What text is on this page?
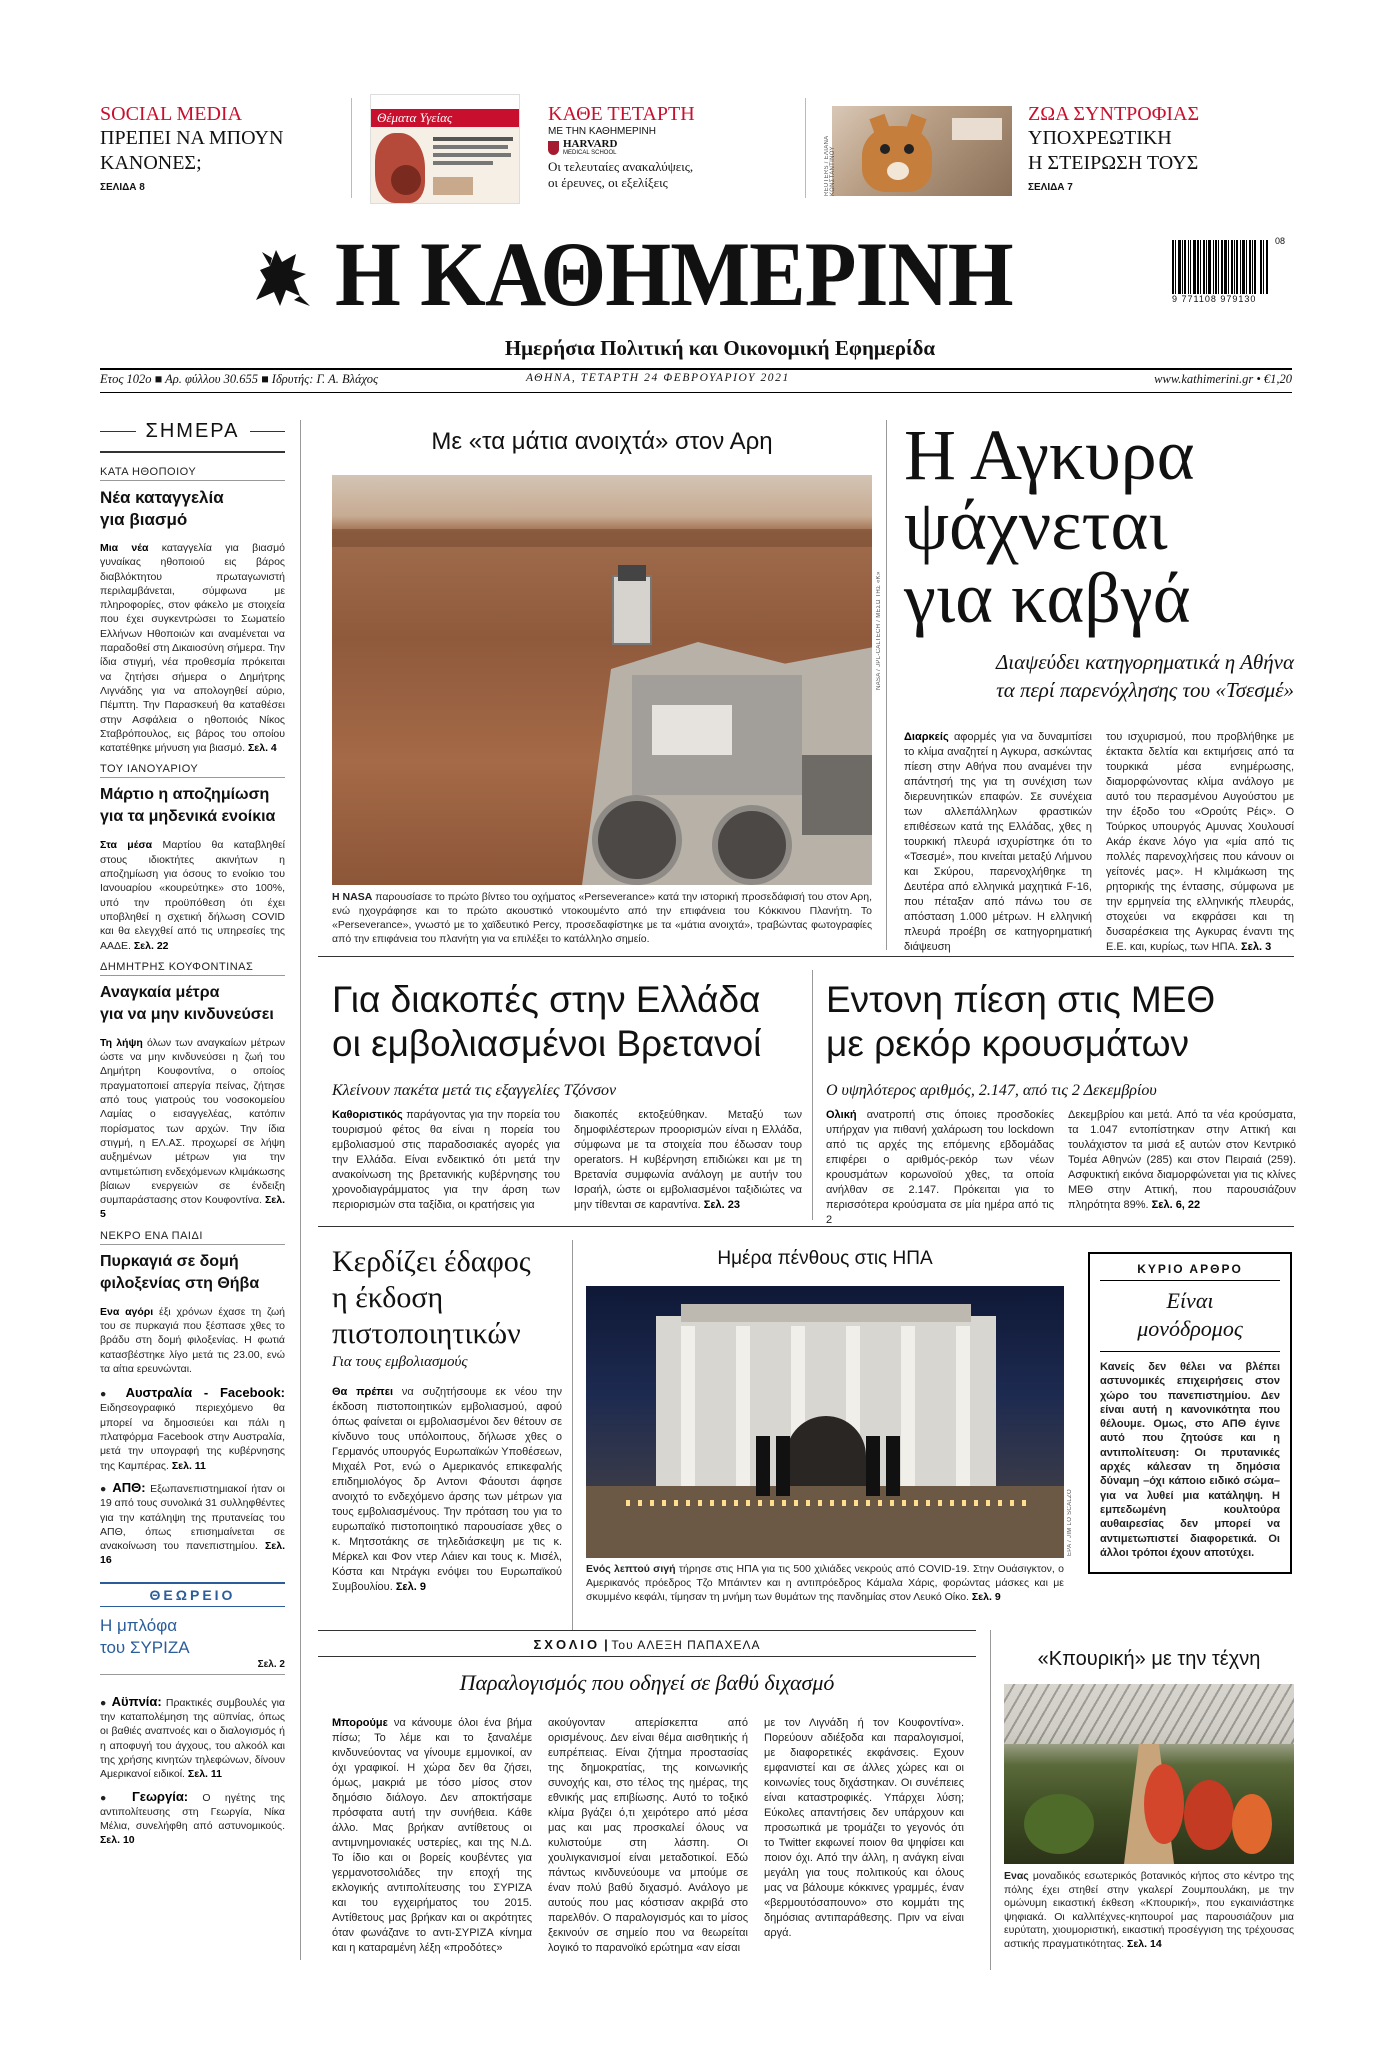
SOCIAL MEDIA
ΠΡΕΠΕΙ ΝΑ ΜΠΟΥΝ
ΚΑΝΟΝΕΣ;
ΣΕΛΙΔΑ 8
Θέματα Υγείας	ΚΑΘΕ ΤΕΤΑΡΤΗ
ΜΕ ΤΗΝ ΚΑΘΗΜΕΡΙΝΗ
HARVARD
MEDICAL SCHOOL
Οι τελευταίες ανακαλύψεις,
οι έρευνες, οι εξελίξεις	REUTERS / ΕΛΙΑΝΑ ΚΩΝΣΤΑΝΤΙΝΟΥ
ΖΩΑ ΣΥΝΤΡΟΦΙΑΣ
ΥΠΟΧΡΕΩΤΙΚΗ
Η ΣΤΕΙΡΩΣΗ ΤΟΥΣ
ΣΕΛΙΔΑ 7
Η ΚΑΘΗΜΕΡΙΝΗ
Ημερήσια Πολιτική και Οικονομική Εφημερίδα
9 771108 979130
08
Ετος 102ο ■ Αρ. φύλλου 30.655 ■ Ιδρυτής: Γ. Α. Βλάχος	ΑΘΗΝΑ, ΤΕΤΑΡΤΗ 24 ΦΕΒΡΟΥΑΡΙΟΥ 2021	www.kathimerini.gr • €1,20
ΣΗΜΕΡΑ
ΚΑΤΑ ΗΘΟΠΟΙΟΥ
Νέα καταγγελία
για βιασμό
Μια νέα καταγγελία για βιασμό γυναίκας ηθοποιού εις βάρος διαβλόκτητου πρωταγωνιστή περιλαμβάνεται, σύμφωνα με πληροφορίες, στον φάκελο με στοιχεία που έχει συγκεντρώσει το Σωματείο Ελλήνων Ηθοποιών και αναμένεται να παραδοθεί στη Δικαιοσύνη σήμερα. Την ίδια στιγμή, νέα προθεσμία πρόκειται να ζητήσει σήμερα ο Δημήτρης Λιγνάδης για να απολογηθεί αύριο, Πέμπτη. Την Παρασκευή θα καταθέσει στην Ασφάλεια ο ηθοποιός Νίκος Σταβρόπουλος, εις βάρος του οποίου κατατέθηκε μήνυση για βιασμό. Σελ. 4
ΤΟΥ ΙΑΝΟΥΑΡΙΟΥ
Μάρτιο η αποζημίωση
για τα μηδενικά ενοίκια
Στα μέσα Μαρτίου θα καταβληθεί στους ιδιοκτήτες ακινήτων η αποζημίωση για όσους το ενοίκιο του Ιανουαρίου «κουρεύτηκε» στο 100%, υπό την προϋπόθεση ότι έχει υποβληθεί η σχετική δήλωση COVID και θα ελεγχθεί από τις υπηρεσίες της ΑΑΔΕ. Σελ. 22
ΔΗΜΗΤΡΗΣ ΚΟΥΦΟΝΤΙΝΑΣ
Αναγκαία μέτρα
για να μην κινδυνεύσει
Τη λήψη όλων των αναγκαίων μέτρων ώστε να μην κινδυνεύσει η ζωή του Δημήτρη Κουφοντίνα, ο οποίος πραγματοποιεί απεργία πείνας, ζήτησε από τους γιατρούς του νοσοκομείου Λαμίας ο εισαγγελέας, κατόπιν πορίσματος των αρχών. Την ίδια στιγμή, η ΕΛ.ΑΣ. προχωρεί σε λήψη αυξημένων μέτρων για την αντιμετώπιση ενδεχόμενων κλιμάκωσης βίαιων ενεργειών σε ένδειξη συμπαράστασης στον Κουφοντίνα. Σελ. 5
ΝΕΚΡΟ ΕΝΑ ΠΑΙΔΙ
Πυρκαγιά σε δομή
φιλοξενίας στη Θήβα
Ενα αγόρι έξι χρόνων έχασε τη ζωή του σε πυρκαγιά που ξέσπασε χθες το βράδυ στη δομή φιλοξενίας. Η φωτιά κατασβέστηκε λίγο μετά τις 23.00, ενώ τα αίτια ερευνώνται.
● Αυστραλία - Facebook: Ειδησεογραφικό περιεχόμενο θα μπορεί να δημοσιεύει και πάλι η πλατφόρμα Facebook στην Αυστραλία, μετά την υπογραφή της κυβέρνησης της Καμπέρας. Σελ. 11
● ΑΠΘ: Εξωπανεπιστημιακοί ήταν οι 19 από τους συνολικά 31 συλληφθέντες για την κατάληψη της πρυτανείας του ΑΠΘ, όπως επισημαίνεται σε ανακοίνωση του πανεπιστημίου. Σελ. 16
ΘΕΩΡΕΙΟ
Η μπλόφα
του ΣΥΡΙΖΑ
Σελ. 2
● Αϋπνία: Πρακτικές συμβουλές για την καταπολέμηση της αϋπνίας, όπως οι βαθιές αναπνοές και ο διαλογισμός ή η αποφυγή του άγχους, του αλκοόλ και της χρήσης κινητών τηλεφώνων, δίνουν Αμερικανοί ειδικοί. Σελ. 11
● Γεωργία: Ο ηγέτης της αντιπολίτευσης στη Γεωργία, Νίκα Μέλια, συνελήφθη από αστυνομικούς. Σελ. 10
Με «τα μάτια ανοιχτά» στον Αρη
NASA / JPL-CALTECH / ΜΕΣΩ ΤΗΣ «Κ»
Η NASA παρουσίασε το πρώτο βίντεο του οχήματος «Perseverance» κατά την ιστορική προσεδάφισή του στον Αρη, ενώ ηχογράφησε και το πρώτο ακουστικό ντοκουμέντο από την επιφάνεια του Κόκκινου Πλανήτη. Το «Perseverance», γνωστό με το χαϊδευτικό Percy, προσεδαφίστηκε με τα «μάτια ανοιχτά», τραβώντας φωτογραφίες από την επιφάνεια του πλανήτη για να επιλέξει το κατάλληλο σημείο.
Η Αγκυρα
ψάχνεται
για καβγά
Διαψεύδει κατηγορηματικά η Αθήνα
τα περί παρενόχλησης του «Τσεσμέ»
Διαρκείς αφορμές για να δυναμιτίσει το κλίμα αναζητεί η Αγκυρα, ασκώντας πίεση στην Αθήνα που αναμένει την απάντησή της για τη συνέχιση των διερευνητικών επαφών. Σε συνέχεια των αλλεπάλληλων φραστικών επιθέσεων κατά της Ελλάδας, χθες η τουρκική πλευρά ισχυρίστηκε ότι το «Τσεσμέ», που κινείται μεταξύ Λήμνου και Σκύρου, παρενοχλήθηκε τη Δευτέρα από ελληνικά μαχητικά F-16, που πέταξαν από πάνω του σε απόσταση 1.000 μέτρων. Η ελληνική πλευρά προέβη σε κατηγορηματική διάψευση
του ισχυρισμού, που προβλήθηκε με έκτακτα δελτία και εκτιμήσεις από τα τουρκικά μέσα ενημέρωσης, διαμορφώνοντας κλίμα ανάλογο με αυτό του περασμένου Αυγούστου με την έξοδο του «Ορούτς Ρέις». Ο Τούρκος υπουργός Αμυνας Χουλουσί Ακάρ έκανε λόγο για «μία από τις πολλές παρενοχλήσεις που κάνουν οι γείτονές μας». Η κλιμάκωση της ρητορικής της έντασης, σύμφωνα με την ερμηνεία της ελληνικής πλευράς, στοχεύει να εκφράσει και τη δυσαρέσκεια της Αγκυρας έναντι της Ε.Ε. και, κυρίως, των ΗΠΑ. Σελ. 3
Για διακοπές στην Ελλάδα
οι εμβολιασμένοι Βρετανοί
Κλείνουν πακέτα μετά τις εξαγγελίες Τζόνσον
Καθοριστικός παράγοντας για την πορεία του τουρισμού φέτος θα είναι η πορεία του εμβολιασμού στις παραδοσιακές αγορές για την Ελλάδα. Είναι ενδεικτικό ότι μετά την ανακοίνωση της βρετανικής κυβέρνησης του χρονοδιαγράμματος για την άρση των περιορισμών στα ταξίδια, οι κρατήσεις για
διακοπές εκτοξεύθηκαν. Μεταξύ των δημοφιλέστερων προορισμών είναι η Ελλάδα, σύμφωνα με τα στοιχεία που έδωσαν τουρ operators. Η κυβέρνηση επιδιώκει και με τη Βρετανία συμφωνία ανάλογη με αυτήν του Ισραήλ, ώστε οι εμβολιασμένοι ταξιδιώτες να μην τίθενται σε καραντίνα. Σελ. 23
Εντονη πίεση στις ΜΕΘ
με ρεκόρ κρουσμάτων
Ο υψηλότερος αριθμός, 2.147, από τις 2 Δεκεμβρίου
Ολική ανατροπή στις όποιες προσδοκίες υπήρχαν για πιθανή χαλάρωση του lockdown από τις αρχές της επόμενης εβδομάδας επιφέρει ο αριθμός-ρεκόρ των νέων κρουσμάτων κορωνοϊού χθες, τα οποία ανήλθαν σε 2.147. Πρόκειται για το περισσότερα κρούσματα σε μία ημέρα από τις 2
Δεκεμβρίου και μετά. Από τα νέα κρούσματα, τα 1.047 εντοπίστηκαν στην Αττική και τουλάχιστον τα μισά εξ αυτών στον Κεντρικό Τομέα Αθηνών (285) και στον Πειραιά (259). Ασφυκτική εικόνα διαμορφώνεται για τις κλίνες ΜΕΘ στην Αττική, που παρουσιάζουν πληρότητα 89%. Σελ. 6, 22
Κερδίζει έδαφος
η έκδοση
πιστοποιητικών
Για τους εμβολιασμούς
Θα πρέπει να συζητήσουμε εκ νέου την έκδοση πιστοποιητικών εμβολιασμού, αφού όπως φαίνεται οι εμβολιασμένοι δεν θέτουν σε κίνδυνο τους υπόλοιπους, δήλωσε χθες ο Γερμανός υπουργός Ευρωπαϊκών Υποθέσεων, Μιχαέλ Ροτ, ενώ ο Αμερικανός επικεφαλής επιδημιολόγος δρ Αντονι Φάουτσι άφησε ανοιχτό το ενδεχόμενο άρσης των μέτρων για τους εμβολιασμένους. Την πρόταση του για το ευρωπαϊκό πιστοποιητικό παρουσίασε χθες ο κ. Μητσοτάκης σε τηλεδιάσκεψη με τις κ. Μέρκελ και Φον ντερ Λάιεν και τους κ. Μισέλ, Κόστα και Ντράγκι ενόψει του Ευρωπαϊκού Συμβουλίου. Σελ. 9
Ημέρα πένθους στις ΗΠΑ
EPA / JIM LO SCALZO
Ενός λεπτού σιγή τήρησε στις ΗΠΑ για τις 500 χιλιάδες νεκρούς από COVID-19. Στην Ουάσιγκτον, ο Αμερικανός πρόεδρος Τζο Μπάιντεν και η αντιπρόεδρος Κάμαλα Χάρις, φορώντας μάσκες και με σκυμμένο κεφάλι, τίμησαν τη μνήμη των θυμάτων της πανδημίας στον Λευκό Οίκο. Σελ. 9
ΚΥΡΙΟ ΑΡΘΡΟ
Είναι
μονόδρομος
Κανείς δεν θέλει να βλέπει αστυνομικές επιχειρήσεις στον χώρο του πανεπιστημίου. Δεν είναι αυτή η κανονικότητα που θέλουμε. Ομως, στο ΑΠΘ έγινε αυτό που ζητούσε και η αντιπολίτευση: Οι πρυτανικές αρχές κάλεσαν τη δημόσια δύναμη –όχι κάποιο ειδικό σώμα– για να λυθεί μια κατάληψη. Η εμπεδωμένη κουλτούρα αυθαιρεσίας δεν μπορεί να αντιμετωπιστεί διαφορετικά. Οι άλλοι τρόποι έχουν αποτύχει.
ΣΧΟΛΙΟ | Του ΑΛΕΞΗ ΠΑΠΑΧΕΛΑ
Παραλογισμός που οδηγεί σε βαθύ διχασμό
Μπορούμε να κάνουμε όλοι ένα βήμα πίσω; Το λέμε και το ξαναλέμε κινδυνεύοντας να γίνουμε εμμονικοί, αν όχι γραφικοί. Η χώρα δεν θα ζήσει, όμως, μακριά με τόσο μίσος στον δημόσιο διάλογο. Δεν αποκτήσαμε πρόσφατα αυτή την συνήθεια. Κάθε άλλο. Μας βρήκαν αντίθετους οι αντιμνημονιακές υστερίες, και της Ν.Δ. Το ίδιο και οι βορείς κουβέντες για γερμανοτσολιάδες την εποχή της εκλογικής αντιπολίτευσης του ΣΥΡΙΖΑ και του εγχειρήματος του 2015. Αντίθετους μας βρήκαν και οι ακρότητες όταν φωνάζανε το αντι-ΣΥΡΙΖΑ κίνημα και η καταραμένη λέξη «προδότες»
ακούγονταν απερίσκεπτα από ορισμένους. Δεν είναι θέμα αισθητικής ή ευπρέπειας. Είναι ζήτημα προστασίας της δημοκρατίας, της κοινωνικής συνοχής και, στο τέλος της ημέρας, της εθνικής μας επιβίωσης. Αυτό το τοξικό κλίμα βγάζει ό,τι χειρότερο από μέσα μας και μας προσκαλεί όλους να κυλιστούμε στη λάσπη. Οι χουλιγκανισμοί είναι μεταδοτικοί. Εδώ πάντως κινδυνεύουμε να μπούμε σε έναν πολύ βαθύ διχασμό. Ανάλογο με αυτούς που μας κόστισαν ακριβά στο παρελθόν. Ο παραλογισμός και το μίσος ξεκινούν σε σημείο που να θεωρείται λογικό το παρανοϊκό ερώτημα «αν είσαι
με τον Λιγνάδη ή τον Κουφοντίνα». Πορεύουν αδιέξοδα και παραλογισμοί, με διαφορετικές εκφάνσεις. Εχουν εμφανιστεί και σε άλλες χώρες και οι κοινωνίες τους διχάστηκαν. Οι συνέπειες είναι καταστροφικές. Υπάρχει λύση; Εύκολες απαντήσεις δεν υπάρχουν και προσωπικά με τρομάζει το γεγονός ότι το Twitter εκφωνεί ποιον θα ψηφίσει και ποιον όχι. Από την άλλη, η ανάγκη είναι μεγάλη για τους πολιτικούς και όλους μας να βάλουμε κόκκινες γραμμές, έναν «βερμουτόσαπουνο» στο κομμάτι της δημόσιας αντιπαράθεσης. Πριν να είναι αργά.
«Κπουρική» με την τέχνη
Ενας μοναδικός εσωτερικός βοτανικός κήπος στο κέντρο της πόλης έχει στηθεί στην γκαλερί Ζουμπουλάκη, με την ομώνυμη εικαστική έκθεση «Κπουρική», που εγκαινιάστηκε ψηφιακά. Οι καλλιτέχνες-κηπουροί μας παρουσιάζουν μια ευρύτατη, χιουμοριστική, εικαστική προσέγγιση της τρέχουσας αστικής πραγματικότητας. Σελ. 14
